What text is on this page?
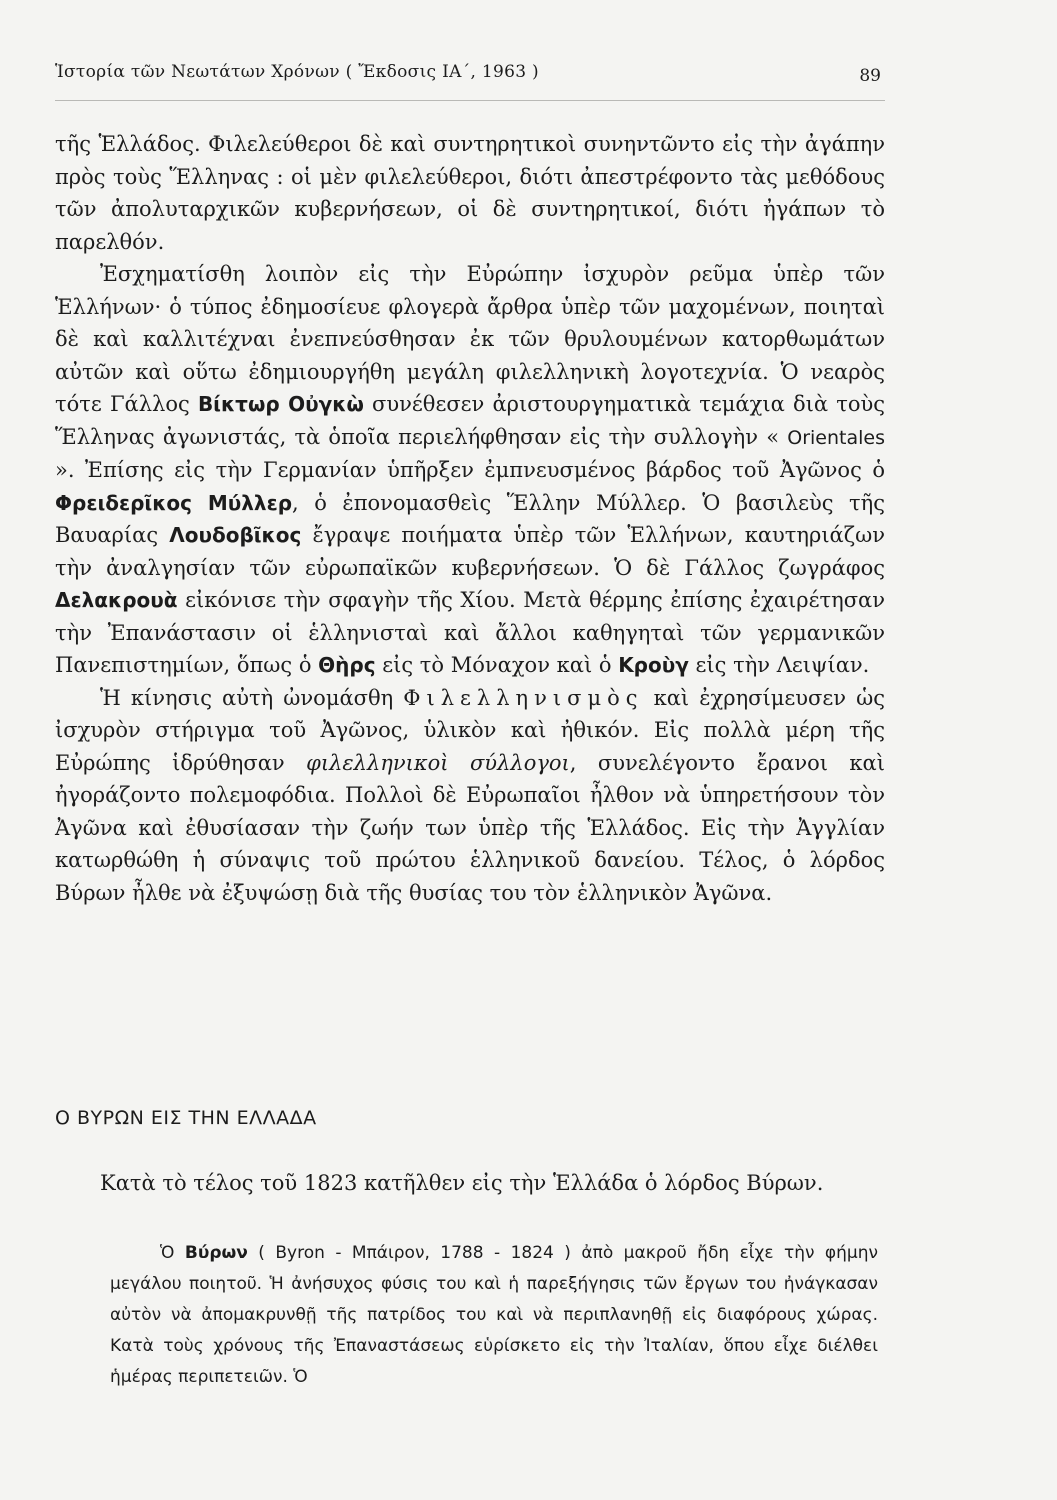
Ἱστορία τῶν Νεωτάτων Χρόνων ( Ἔκδοσις ΙΑ΄, 1963 )	89

τῆς Ἑλλάδος. Φιλελεύθεροι δὲ καὶ συντηρητικοὶ συνηντῶντο εἰς τὴν ἀγάπην πρὸς τοὺς Ἕλληνας : οἱ μὲν φιλελεύθεροι, διότι ἀπεστρέφοντο τὰς μεθόδους τῶν ἀπολυταρχικῶν κυβερνήσεων, οἱ δὲ συντηρητικοί, διότι ἠγάπων τὸ παρελθόν.

Ἐσχηματίσθη λοιπὸν εἰς τὴν Εὐρώπην ἰσχυρὸν ρεῦμα ὑπὲρ τῶν Ἑλλήνων· ὁ τύπος ἐδημοσίευε φλογερὰ ἄρθρα ὑπὲρ τῶν μαχομένων, ποιηταὶ δὲ καὶ καλλιτέχναι ἐνεπνεύσθησαν ἐκ τῶν θρυλουμένων κατορθωμάτων αὐτῶν καὶ οὕτω ἐδημιουργήθη μεγάλη φιλελληνικὴ λογοτεχνία. Ὁ νεαρὸς τότε Γάλλος Βίκτωρ Οὐγκὼ συνέθεσεν ἀριστουργηματικὰ τεμάχια διὰ τοὺς Ἕλληνας ἀγωνιστάς, τὰ ὁποῖα περιελήφθησαν εἰς τὴν συλλογὴν « Orientales ». Ἐπίσης εἰς τὴν Γερμανίαν ὑπῆρξεν ἐμπνευσμένος βάρδος τοῦ Ἀγῶνος ὁ Φρειδερῖκος Μύλλερ, ὁ ἐπονομασθεὶς Ἕλλην Μύλλερ. Ὁ βασιλεὺς τῆς Βαυαρίας Λουδοβῖκος ἔγραψε ποιήματα ὑπὲρ τῶν Ἑλλήνων, καυτηριάζων τὴν ἀναλγησίαν τῶν εὐρωπαϊκῶν κυβερνήσεων. Ὁ δὲ Γάλλος ζωγράφος Δελακρουὰ εἰκόνισε τὴν σφαγὴν τῆς Χίου. Μετὰ θέρμης ἐπίσης ἐχαιρέτησαν τὴν Ἐπανάστασιν οἱ ἑλληνισταὶ καὶ ἄλλοι καθηγηταὶ τῶν γερμανικῶν Πανεπιστημίων, ὅπως ὁ Θὴρς εἰς τὸ Μόναχον καὶ ὁ Κροὺγ εἰς τὴν Λειψίαν.

Ἡ κίνησις αὐτὴ ὠνομάσθη Φιλελληνισμὸς καὶ ἐχρησίμευσεν ὡς ἰσχυρὸν στήριγμα τοῦ Ἀγῶνος, ὑλικὸν καὶ ἠθικόν. Εἰς πολλὰ μέρη τῆς Εὐρώπης ἱδρύθησαν φιλελληνικοὶ σύλλογοι, συνελέγοντο ἔρανοι καὶ ἠγοράζοντο πολεμοφόδια. Πολλοὶ δὲ Εὐρωπαῖοι ἦλθον νὰ ὑπηρετήσουν τὸν Ἀγῶνα καὶ ἐθυσίασαν τὴν ζωήν των ὑπὲρ τῆς Ἑλλάδος. Εἰς τὴν Ἀγγλίαν κατωρθώθη ἡ σύναψις τοῦ πρώτου ἑλληνικοῦ δανείου. Τέλος, ὁ λόρδος Βύρων ἦλθε νὰ ἐξυψώσῃ διὰ τῆς θυσίας του τὸν ἑλληνικὸν Ἀγῶνα.

Ο ΒΥΡΩΝ ΕΙΣ ΤΗΝ ΕΛΛΑΔΑ

Κατὰ τὸ τέλος τοῦ 1823 κατῆλθεν εἰς τὴν Ἑλλάδα ὁ λόρδος Βύρων.

Ὁ Βύρων ( Byron - Μπάιρον, 1788 - 1824 ) ἀπὸ μακροῦ ἤδη εἶχε τὴν φήμην μεγάλου ποιητοῦ. Ἡ ἀνήσυχος φύσις του καὶ ἡ παρεξήγησις τῶν ἔργων του ἠνάγκασαν αὐτὸν νὰ ἀπομακρυνθῇ τῆς πατρίδος του καὶ νὰ περιπλανηθῇ εἰς διαφόρους χώρας. Κατὰ τοὺς χρόνους τῆς Ἐπαναστάσεως εὑρίσκετο εἰς τὴν Ἰταλίαν, ὅπου εἶχε διέλθει ἡμέρας περιπετειῶν. Ὁ
